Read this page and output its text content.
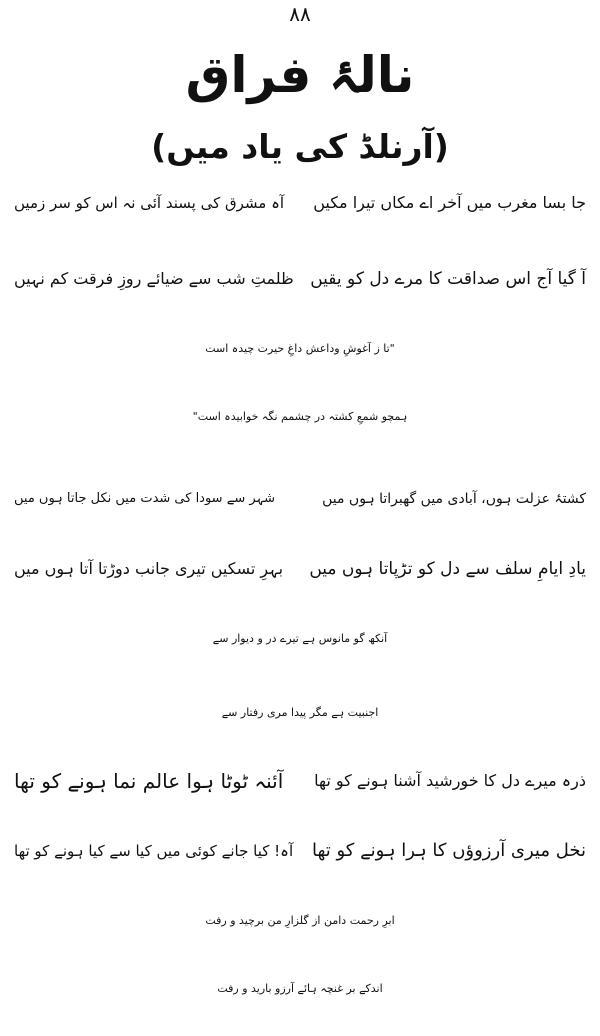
۸۸
نالۂ فراق
(آرنلڈ کی یاد میں)
جا بسا مغرب میں آخر اے مکاں تیرا مکیں
آہ مشرق کی پسند آئی نہ اس کو سر زمیں
آ گیا آج اس صداقت کا مرے دل کو یقیں
ظلمتِ شب سے ضیائے روزِ فرقت کم نہیں
"تا ز آغوشِ وداعش داغِ حیرت چیدہ است
ہمچو شمعِ کشتہ در چشمم نگہ خوابیدہ است"
کشتۂ عزلت ہوں، آبادی میں گھبراتا ہوں میں
شہر سے سودا کی شدت میں نکل جاتا ہوں میں
یادِ ایامِ سلف سے دل کو تڑپاتا ہوں میں
بہرِ تسکیں تیری جانب دوڑتا آتا ہوں میں
آنکھ گو مانوس ہے تیرے در و دیوار سے
اجنبیت ہے مگر پیدا مری رفتار سے
ذرہ میرے دل کا خورشید آشنا ہونے کو تھا
آئنہ ٹوٹا ہوا عالم نما ہونے کو تھا
نخل میری آرزوؤں کا ہرا ہونے کو تھا
آہ! کیا جانے کوئی میں کیا سے کیا ہونے کو تھا
ابرِ رحمت دامن از گلزارِ من برچید و رفت
اندکے بر غنچہ ہائے آرزو بارید و رفت
